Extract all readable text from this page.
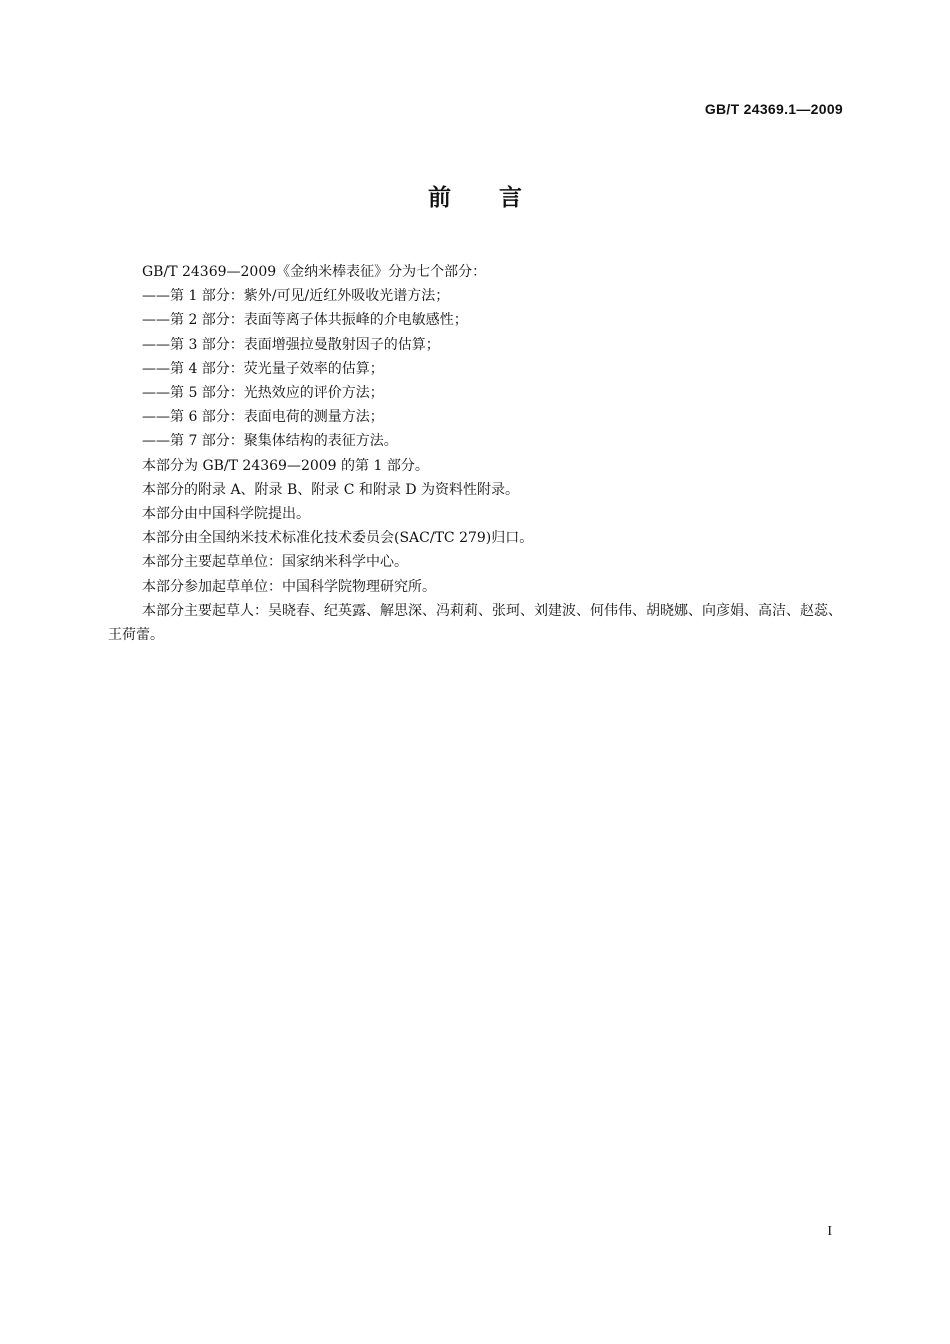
GB/T 24369.1—2009
前言

GB/T 24369—2009《金纳米棒表征》分为七个部分：

——第 1 部分：紫外/可见/近红外吸收光谱方法；

——第 2 部分：表面等离子体共振峰的介电敏感性；

——第 3 部分：表面增强拉曼散射因子的估算；

——第 4 部分：荧光量子效率的估算；

——第 5 部分：光热效应的评价方法；

——第 6 部分：表面电荷的测量方法；

——第 7 部分：聚集体结构的表征方法。

本部分为 GB/T 24369—2009 的第 1 部分。

本部分的附录 A、附录 B、附录 C 和附录 D 为资料性附录。

本部分由中国科学院提出。

本部分由全国纳米技术标准化技术委员会(SAC/TC 279)归口。

本部分主要起草单位：国家纳米科学中心。

本部分参加起草单位：中国科学院物理研究所。

本部分主要起草人：吴晓春、纪英露、解思深、冯莉莉、张珂、刘建波、何伟伟、胡晓娜、向彦娟、高洁、赵蕊、王荷蕾。

I
